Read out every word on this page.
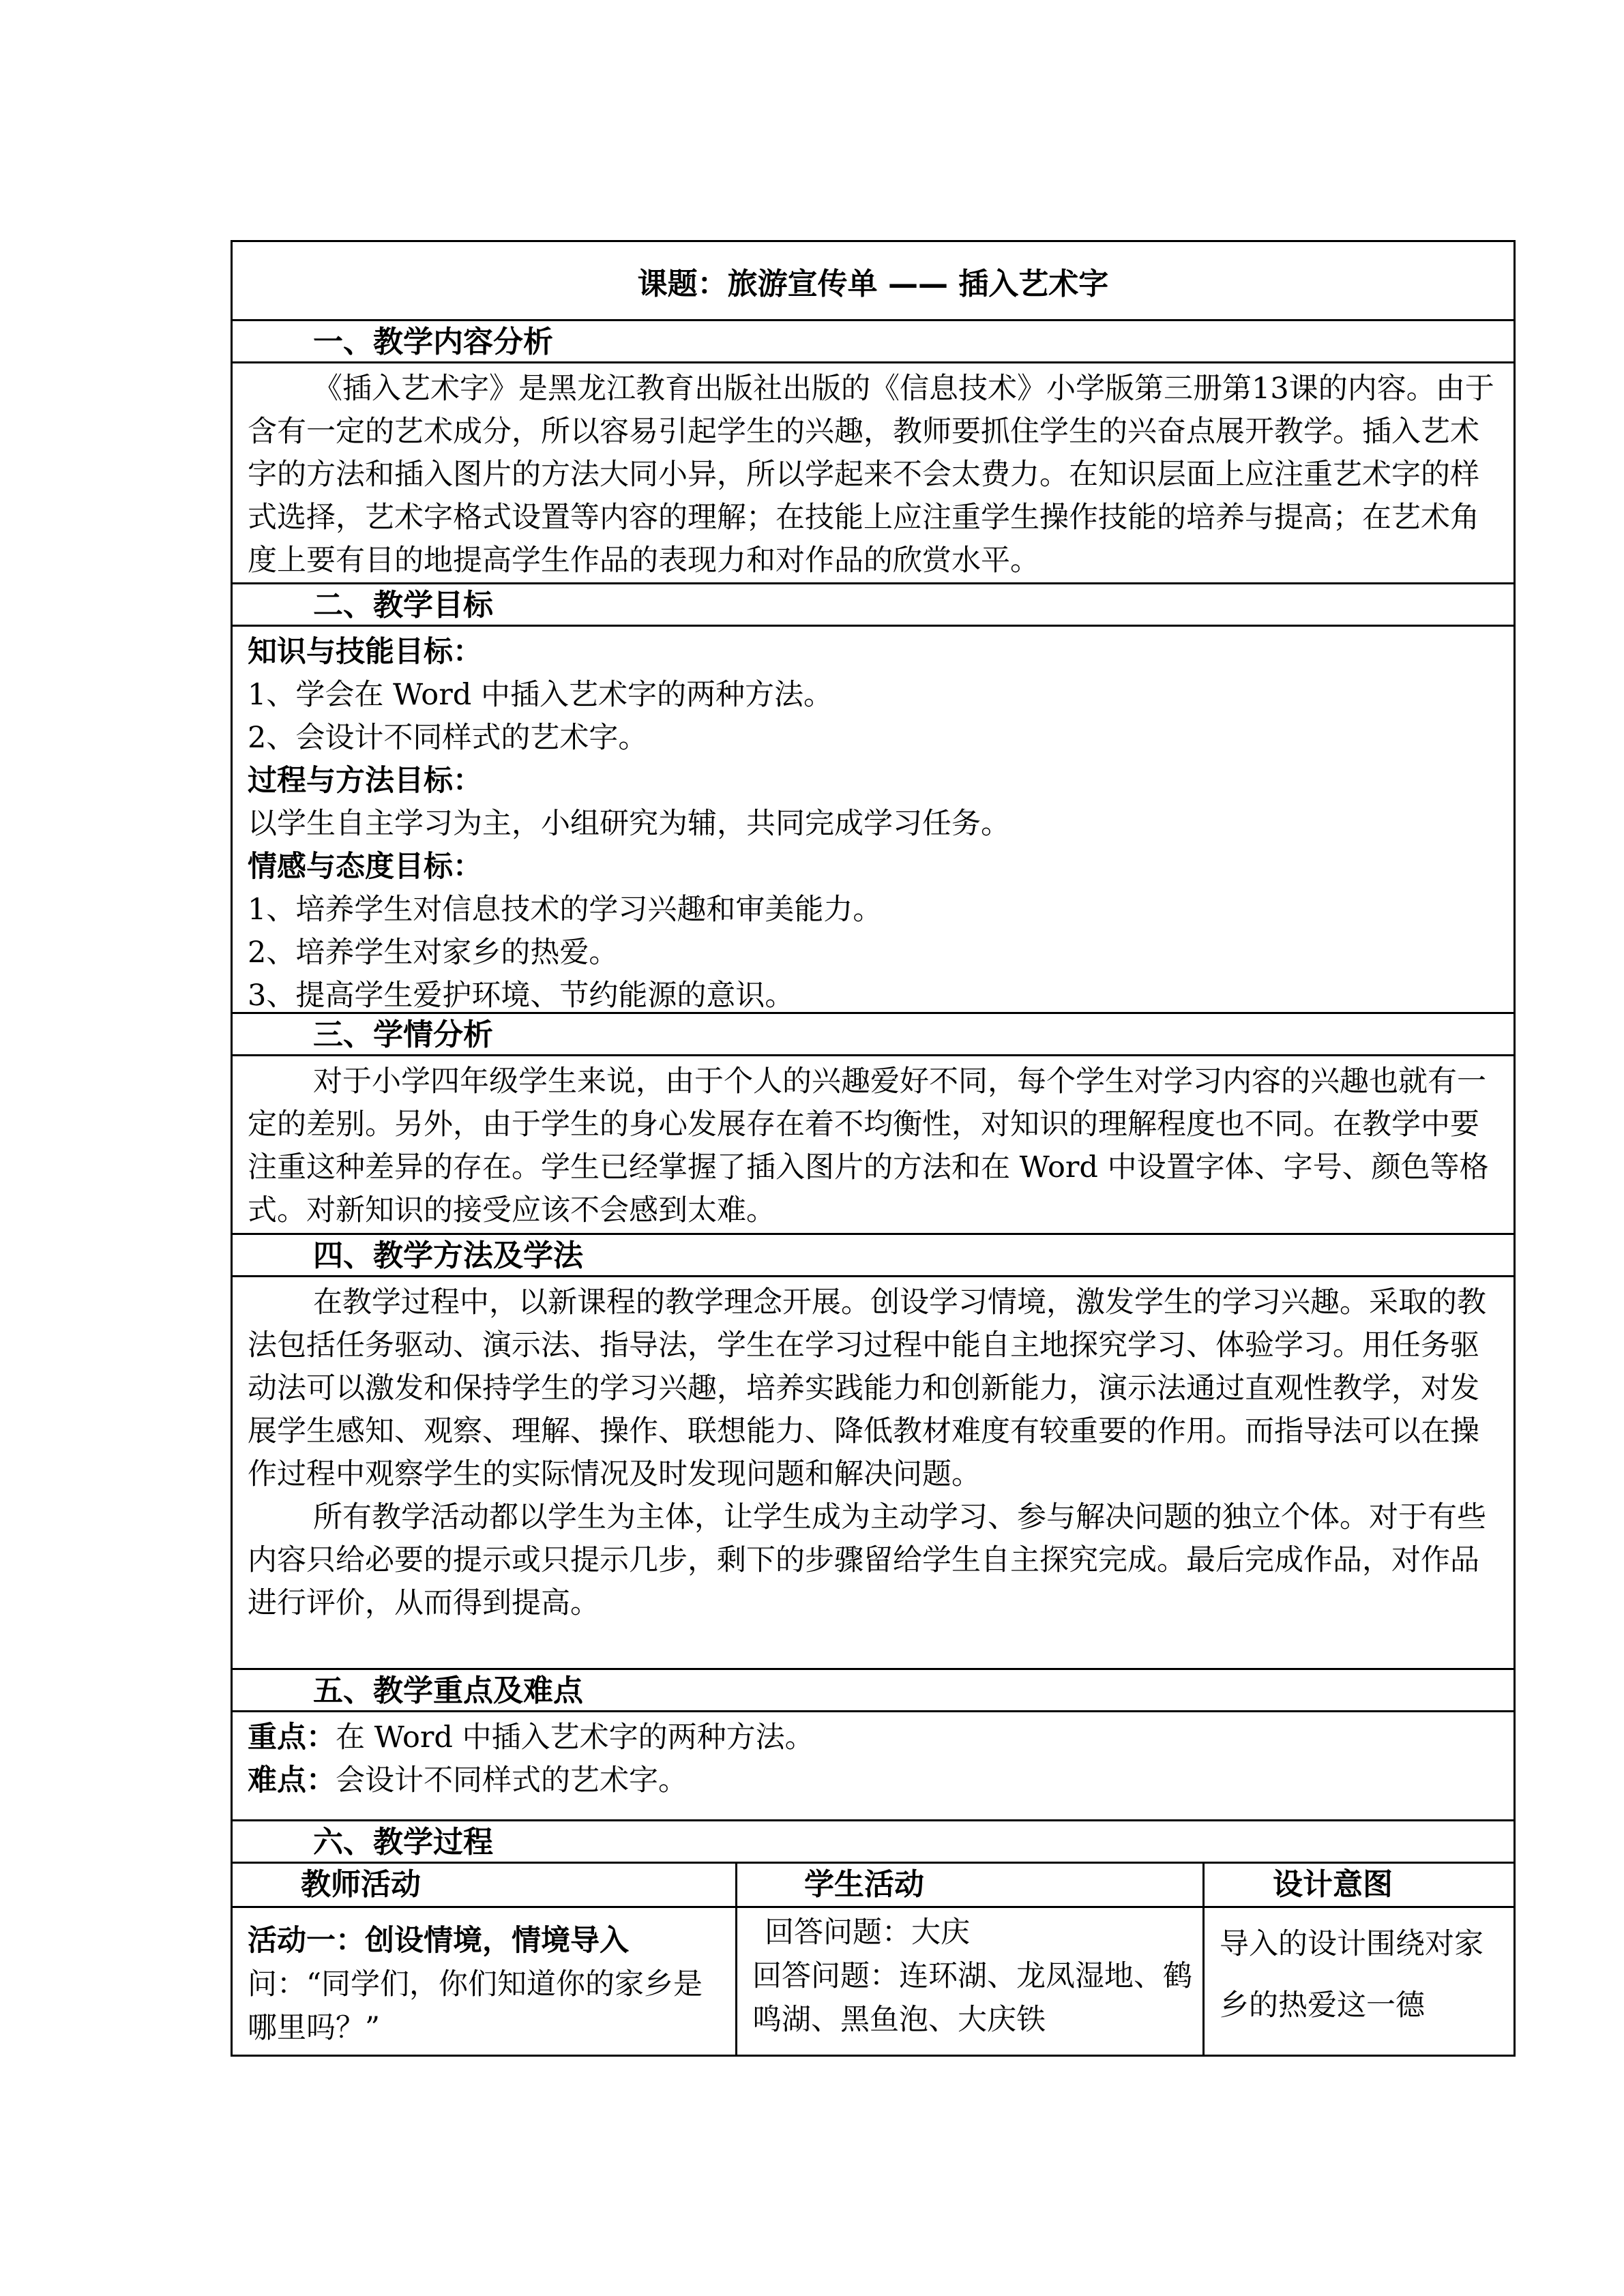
课题：旅游宣传单 —— 插入艺术字
一、教学内容分析

《插入艺术字》是黑龙江教育出版社出版的《信息技术》小学版第三册第13课的内容。由于含有一定的艺术成分，所以容易引起学生的兴趣，教师要抓住学生的兴奋点展开教学。插入艺术字的方法和插入图片的方法大同小异，所以学起来不会太费力。在知识层面上应注重艺术字的样式选择，艺术字格式设置等内容的理解；在技能上应注重学生操作技能的培养与提高；在艺术角度上要有目的地提高学生作品的表现力和对作品的欣赏水平。

二、教学目标

知识与技能目标：

1、学会在 Word 中插入艺术字的两种方法。

2、会设计不同样式的艺术字。

过程与方法目标：

以学生自主学习为主，小组研究为辅，共同完成学习任务。

情感与态度目标：

1、培养学生对信息技术的学习兴趣和审美能力。

2、培养学生对家乡的热爱。

3、提高学生爱护环境、节约能源的意识。

三、学情分析

对于小学四年级学生来说，由于个人的兴趣爱好不同，每个学生对学习内容的兴趣也就有一定的差别。另外，由于学生的身心发展存在着不均衡性，对知识的理解程度也不同。在教学中要注重这种差异的存在。学生已经掌握了插入图片的方法和在 Word 中设置字体、字号、颜色等格式。对新知识的接受应该不会感到太难。

四、教学方法及学法

在教学过程中，以新课程的教学理念开展。创设学习情境，激发学生的学习兴趣。采取的教法包括任务驱动、演示法、指导法，学生在学习过程中能自主地探究学习、体验学习。用任务驱动法可以激发和保持学生的学习兴趣，培养实践能力和创新能力，演示法通过直观性教学，对发展学生感知、观察、理解、操作、联想能力、降低教材难度有较重要的作用。而指导法可以在操作过程中观察学生的实际情况及时发现问题和解决问题。

所有教学活动都以学生为主体，让学生成为主动学习、参与解决问题的独立个体。对于有些内容只给必要的提示或只提示几步，剩下的步骤留给学生自主探究完成。最后完成作品，对作品进行评价，从而得到提高。

五、教学重点及难点

重点：在 Word 中插入艺术字的两种方法。

难点：会设计不同样式的艺术字。

六、教学过程
教师活动	学生活动	设计意图

活动一：创设情境，情境导入

问：“同学们，你们知道你的家乡是哪里吗？”

回答问题：大庆

回答问题：连环湖、龙凤湿地、鹤鸣湖、黑鱼泡、大庆铁

导入的设计围绕对家乡的热爱这一德
